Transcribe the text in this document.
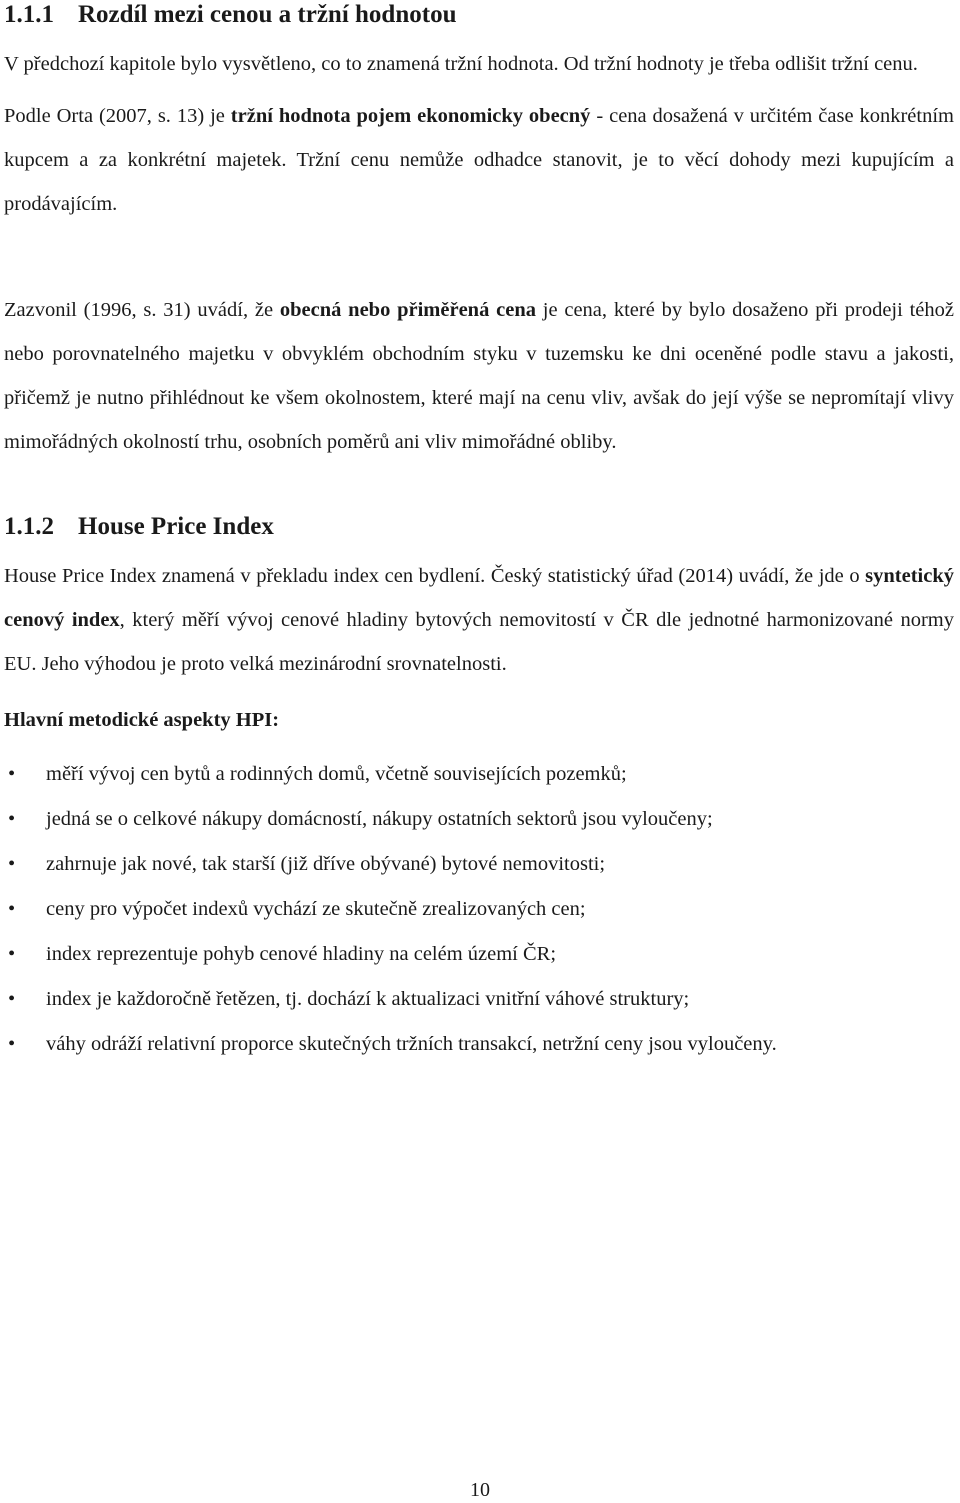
1.1.1 Rozdíl mezi cenou a tržní hodnotou

V předchozí kapitole bylo vysvětleno, co to znamená tržní hodnota. Od tržní hodnoty je třeba odlišit tržní cenu.

Podle Orta (2007, s. 13) je tržní hodnota pojem ekonomicky obecný - cena dosažená v určitém čase konkrétním kupcem a za konkrétní majetek. Tržní cenu nemůže odhadce stanovit, je to věcí dohody mezi kupujícím a prodávajícím.

Zazvonil (1996, s. 31) uvádí, že obecná nebo přiměřená cena je cena, které by bylo dosaženo při prodeji téhož nebo porovnatelného majetku v obvyklém obchodním styku v tuzemsku ke dni oceněné podle stavu a jakosti, přičemž je nutno přihlédnout ke všem okolnostem, které mají na cenu vliv, avšak do její výše se nepromítají vlivy mimořádných okolností trhu, osobních poměrů ani vliv mimořádné obliby.

1.1.2 House Price Index

House Price Index znamená v překladu index cen bydlení. Český statistický úřad (2014) uvádí, že jde o syntetický cenový index, který měří vývoj cenové hladiny bytových nemovitostí v ČR dle jednotné harmonizované normy EU. Jeho výhodou je proto velká mezinárodní srovnatelnosti.

Hlavní metodické aspekty HPI:

• měří vývoj cen bytů a rodinných domů, včetně souvisejících pozemků;
• jedná se o celkové nákupy domácností, nákupy ostatních sektorů jsou vyloučeny;
• zahrnuje jak nové, tak starší (již dříve obývané) bytové nemovitosti;
• ceny pro výpočet indexů vychází ze skutečně zrealizovaných cen;
• index reprezentuje pohyb cenové hladiny na celém území ČR;
• index je každoročně řetězen, tj. dochází k aktualizaci vnitřní váhové struktury;
• váhy odráží relativní proporce skutečných tržních transakcí, netržní ceny jsou vyloučeny.
10
